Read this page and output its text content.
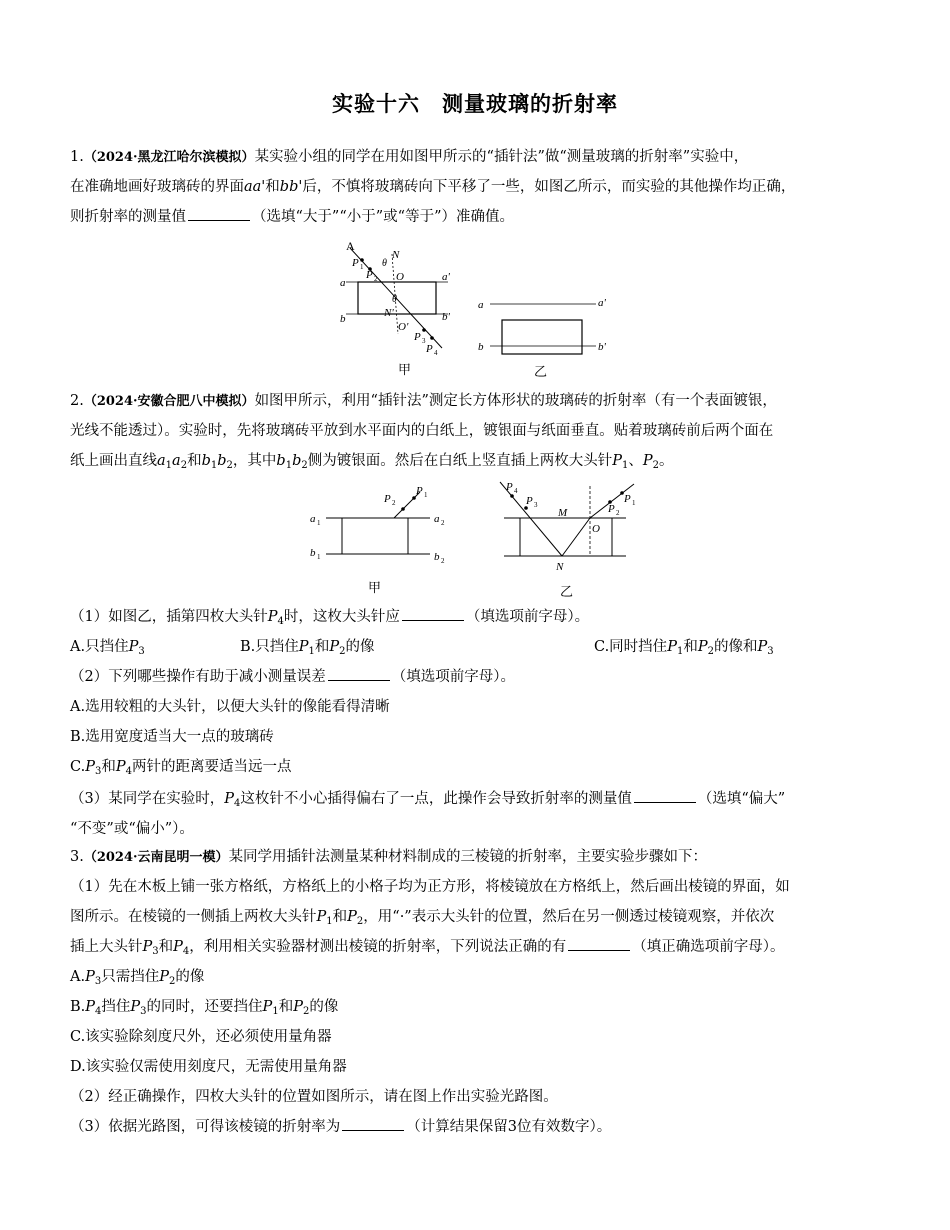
实验十六　测量玻璃的折射率
1.（2024·黑龙江哈尔滨模拟）某实验小组的同学在用如图甲所示的“插针法”做“测量玻璃的折射率”实验中，
在准确地画好玻璃砖的界面aa'和bb'后，不慎将玻璃砖向下平移了一些，如图乙所示，而实验的其他操作均正确，
则折射率的测量值	（选填“大于”“小于”或“等于”）准确值。
A
P 1
P 2
N
O
θ
θ
a	a'
b	b'
N'
O'
P 3
P 4
甲
a	a'
b	b'
乙
2.（2024·安徽合肥八中模拟）如图甲所示，利用“插针法”测定长方体形状的玻璃砖的折射率（有一个表面镀银，
光线不能透过）。实验时，先将玻璃砖平放到水平面内的白纸上，镀银面与纸面垂直。贴着玻璃砖前后两个面在
纸上画出直线$a_1a_2$和$b_1b_2$，其中$b_1b_2$侧为镀银面。然后在白纸上竖直插上两枚大头针$P_1$、$P_2$。
P 2
P 1
a 1	a 2
b 1	b 2
甲
P 4
P 3
M
O
P 2
P 1
N
乙
（1）如图乙，插第四枚大头针$P_4$时，这枚大头针应	（填选项前字母）。
A.只挡住$P_3$	B.只挡住$P_1$和$P_2$的像	C.同时挡住$P_1$和$P_2$的像和$P_3$
（2）下列哪些操作有助于减小测量误差	（填选项前字母）。
A.选用较粗的大头针，以便大头针的像能看得清晰
B.选用宽度适当大一点的玻璃砖
$C.P_3$和$P_4$两针的距离要适当远一点
（3）某同学在实验时，$P_4$这枚针不小心插得偏右了一点，此操作会导致折射率的测量值	（选填“偏大”
“不变”或“偏小”）。
3.（2024·云南昆明一模）某同学用插针法测量某种材料制成的三棱镜的折射率，主要实验步骤如下：
（1）先在木板上铺一张方格纸，方格纸上的小格子均为正方形，将棱镜放在方格纸上，然后画出棱镜的界面，如
图所示。在棱镜的一侧插上两枚大头针$P_1$和$P_2$，用“·”表示大头针的位置，然后在另一侧透过棱镜观察，并依次
插上大头针$P_3$和$P_4$，利用相关实验器材测出棱镜的折射率，下列说法正确的有	（填正确选项前字母）。
$A.P_3$只需挡住$P_2$的像
$B.P_4$挡住$P_3$的同时，还要挡住$P_1$和$P_2$的像
C.该实验除刻度尺外，还必须使用量角器
D.该实验仅需使用刻度尺，无需使用量角器
（2）经正确操作，四枚大头针的位置如图所示，请在图上作出实验光路图。
（3）依据光路图，可得该棱镜的折射率为	（计算结果保留3位有效数字）。
